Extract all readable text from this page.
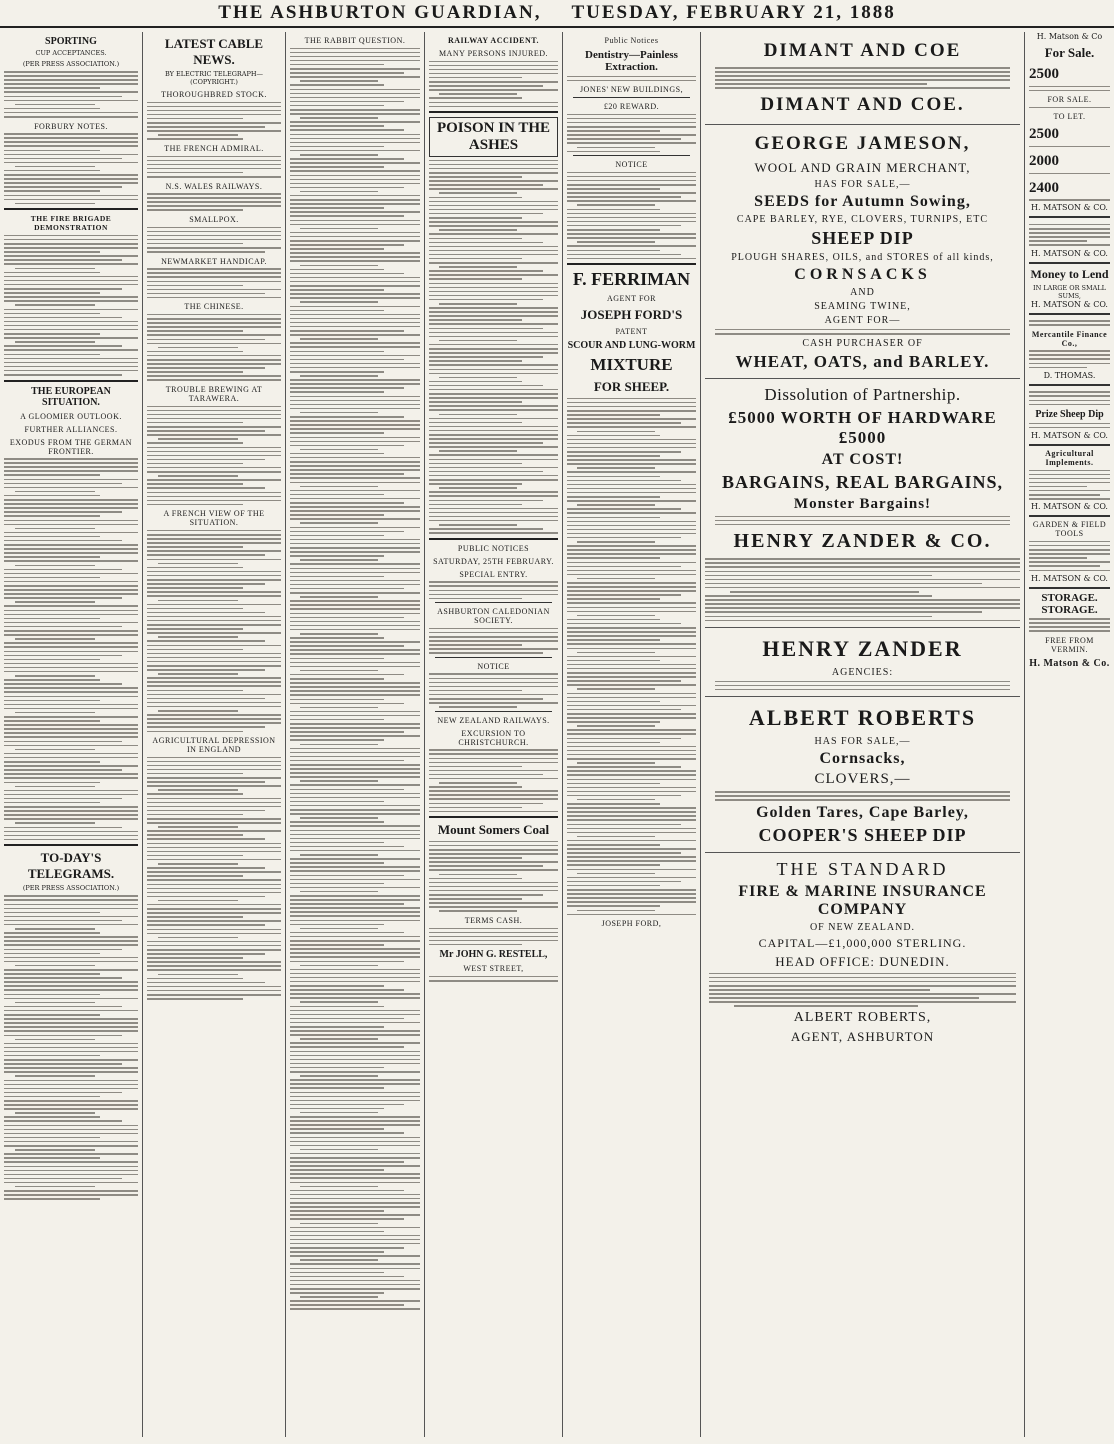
THE ASHBURTON GUARDIAN, TUESDAY, FEBRUARY 21, 1888
SPORTING
CUP ACCEPTANCES.
(PER PRESS ASSOCIATION.)
FORBURY NOTES.
THE FIRE BRIGADE DEMONSTRATION
THE EUROPEAN SITUATION.
A GLOOMIER OUTLOOK.
FURTHER ALLIANCES.
EXODUS FROM THE GERMAN FRONTIER.
TO-DAY'S TELEGRAMS.
(PER PRESS ASSOCIATION.)
LATEST CABLE NEWS.
BY ELECTRIC TELEGRAPH—(COPYRIGHT.)
THOROUGHBRED STOCK.
THE FRENCH ADMIRAL.
N.S. WALES RAILWAYS.
SMALLPOX.
NEWMARKET HANDICAP.
THE CHINESE.
TROUBLE BREWING AT TARAWERA.
A FRENCH VIEW OF THE SITUATION.
AGRICULTURAL DEPRESSION IN ENGLAND
THE RABBIT QUESTION.	RAILWAY ACCIDENT.
MANY PERSONS INJURED.
POISON IN THE ASHES
PUBLIC NOTICES
SATURDAY, 25TH FEBRUARY.
SPECIAL ENTRY.
ASHBURTON CALEDONIAN SOCIETY.
NOTICE
NEW ZEALAND RAILWAYS.
EXCURSION TO CHRISTCHURCH.
Mount Somers Coal
TERMS CASH.
Mr JOHN G. RESTELL,
WEST STREET,
Public Notices
Dentistry—Painless Extraction.
JONES' NEW BUILDINGS,
£20 REWARD.
NOTICE
F. FERRIMAN
AGENT FOR
JOSEPH FORD'S
PATENT
SCOUR AND LUNG-WORM
MIXTURE
FOR SHEEP.
JOSEPH FORD,
DIMANT AND COE
DIMANT AND COE.
GEORGE JAMESON,
WOOL AND GRAIN MERCHANT,
HAS FOR SALE,—
SEEDS for Autumn Sowing,
CAPE BARLEY, RYE, CLOVERS, TURNIPS, ETC
SHEEP DIP
PLOUGH SHARES, OILS, and STORES of all kinds,
CORNSACKS
AND
SEAMING TWINE,
AGENT FOR—
CASH PURCHASER OF
WHEAT, OATS, and BARLEY.
Dissolution of Partnership.
£5000 WORTH OF HARDWARE £5000
AT COST!
BARGAINS, REAL BARGAINS,
Monster Bargains!
HENRY ZANDER & CO.
HENRY ZANDER
AGENCIES:
ALBERT ROBERTS
HAS FOR SALE,—
Cornsacks,
CLOVERS,—
Golden Tares, Cape Barley,
COOPER'S SHEEP DIP
THE STANDARD
FIRE & MARINE INSURANCE COMPANY
OF NEW ZEALAND.
CAPITAL—£1,000,000 STERLING.
HEAD OFFICE: DUNEDIN.
ALBERT ROBERTS,
AGENT, ASHBURTON
H. Matson & Co
For Sale.
2500
FOR SALE.
TO LET.
2500
2000
2400
H. MATSON & CO.
H. MATSON & CO.
Money to Lend
IN LARGE OR SMALL SUMS,
H. MATSON & CO.
Mercantile Finance Co.,
D. THOMAS.
Prize Sheep Dip
H. MATSON & CO.
Agricultural Implements.
H. MATSON & CO.
GARDEN & FIELD TOOLS
H. MATSON & CO.
STORAGE. STORAGE.
FREE FROM VERMIN.
H. Matson & Co.
